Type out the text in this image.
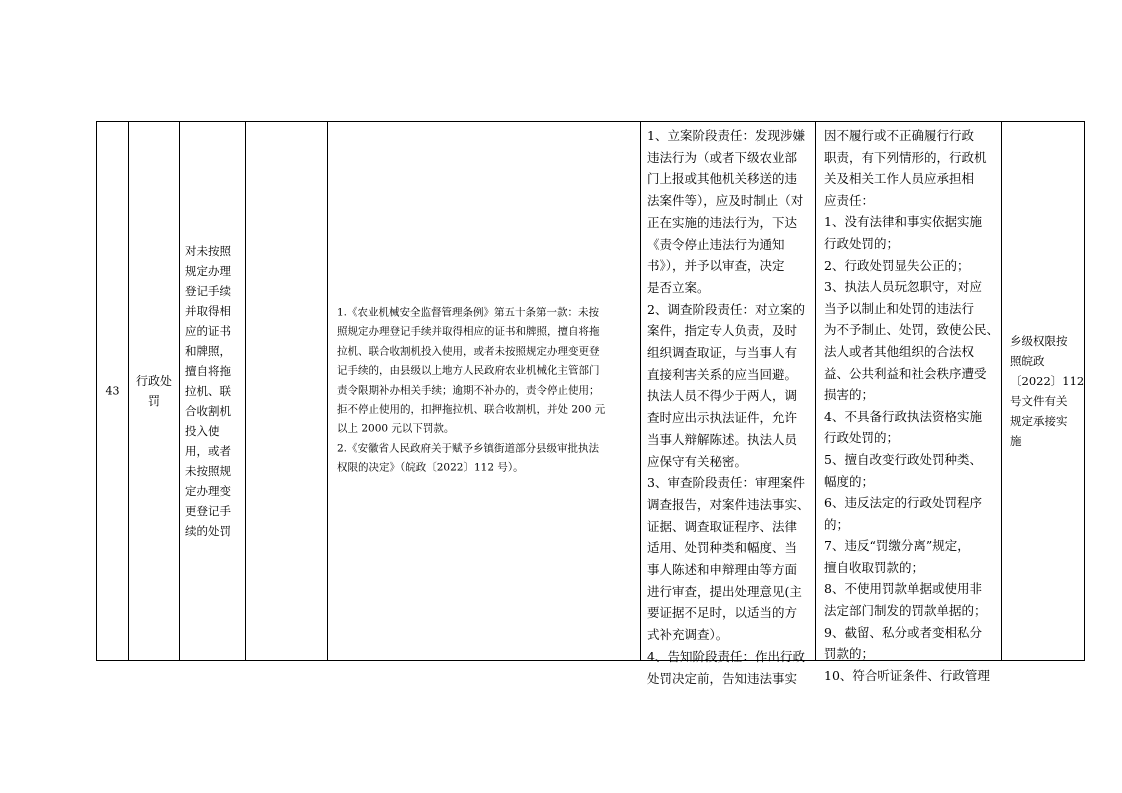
43
行政处
罚
对未按照
规定办理
登记手续
并取得相
应的证书
和牌照，
擅自将拖
拉机、联
合收割机
投入使
用，或者
未按照规
定办理变
更登记手
续的处罚
1.《农业机械安全监督管理条例》第五十条第一款：未按
照规定办理登记手续并取得相应的证书和牌照，擅自将拖
拉机、联合收割机投入使用，或者未按照规定办理变更登
记手续的，由县级以上地方人民政府农业机械化主管部门
责令限期补办相关手续；逾期不补办的，责令停止使用；
拒不停止使用的，扣押拖拉机、联合收割机，并处 200 元
以上 2000 元以下罚款。
2.《安徽省人民政府关于赋予乡镇街道部分县级审批执法
权限的决定》（皖政〔2022〕112 号）。
1、立案阶段责任：发现涉嫌
违法行为（或者下级农业部
门上报或其他机关移送的违
法案件等），应及时制止（对
正在实施的违法行为，下达
《责令停止违法行为通知
书》），并予以审查，决定
是否立案。
2、调查阶段责任：对立案的
案件，指定专人负责，及时
组织调查取证，与当事人有
直接利害关系的应当回避。
执法人员不得少于两人，调
查时应出示执法证件，允许
当事人辩解陈述。执法人员
应保守有关秘密。
3、审查阶段责任：审理案件
调查报告，对案件违法事实、
证据、调查取证程序、法律
适用、处罚种类和幅度、当
事人陈述和申辩理由等方面
进行审查，提出处理意见(主
要证据不足时，以适当的方
式补充调查）。
4、告知阶段责任：作出行政
处罚决定前，告知违法事实
因不履行或不正确履行行政
职责，有下列情形的，行政机
关及相关工作人员应承担相
应责任：
1、没有法律和事实依据实施
行政处罚的；
2、行政处罚显失公正的；
3、执法人员玩忽职守，对应
当予以制止和处罚的违法行
为不予制止、处罚，致使公民、
法人或者其他组织的合法权
益、公共利益和社会秩序遭受
损害的；
4、不具备行政执法资格实施
行政处罚的；
5、擅自改变行政处罚种类、
幅度的；
6、违反法定的行政处罚程序
的；
7、违反“罚缴分离”规定，
擅自收取罚款的；
8、不使用罚款单据或使用非
法定部门制发的罚款单据的；
9、截留、私分或者变相私分
罚款的；
10、符合听证条件、行政管理
乡级权限按
照皖政
〔2022〕112
号文件有关
规定承接实
施
